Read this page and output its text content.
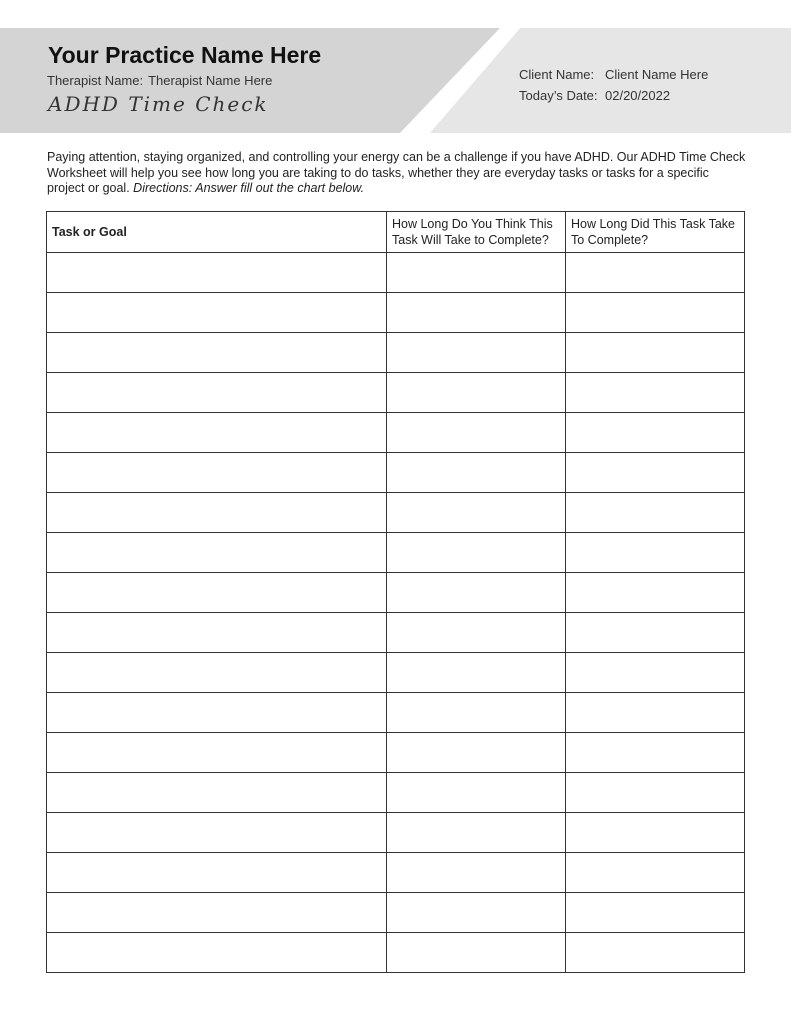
Your Practice Name Here
Therapist Name: Therapist Name Here
ADHD Time Check
Client Name: Client Name Here
Today’s Date: 02/20/2022
Paying attention, staying organized, and controlling your energy can be a challenge if you have ADHD. Our ADHD Time Check Worksheet will help you see how long you are taking to do tasks, whether they are everyday tasks or tasks for a specific project or goal. Directions: Answer fill out the chart below.
Task or Goal	How Long Do You Think This Task Will Take to Complete?	How Long Did This Task Take To Complete?
